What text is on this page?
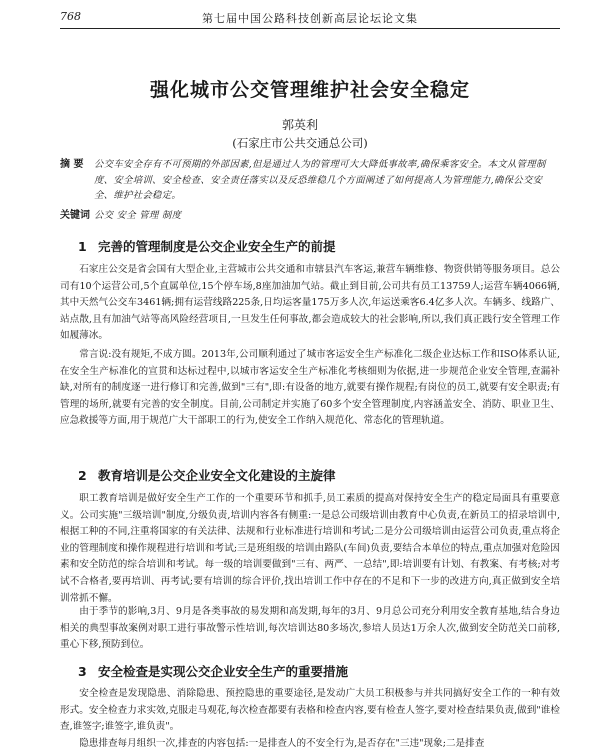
768	第七届中国公路科技创新高层论坛论文集
强化城市公交管理维护社会安全稳定
郭英利
(石家庄市公共交通总公司)
摘 要 公交车安全存有不可预期的外部因素,但是通过人为的管理可大大降低事故率,确保乘客安全。本文从管理制度、安全培训、安全检查、安全责任落实以及反恐维稳几个方面阐述了如何提高人为管理能力,确保公交安全、维护社会稳定。
关键词 公交 安全 管理 制度
1 完善的管理制度是公交企业安全生产的前提
石家庄公交是省会国有大型企业,主营城市公共交通和市辖县汽车客运,兼营车辆维修、物资供销等服务项目。总公司有10个运营公司,5个直属单位,15个停车场,8座加油加气站。截止到目前,公司共有员工13759人;运营车辆4066辆,其中天然气公交车3461辆;拥有运营线路225条,日均运客量175万多人次,年运送乘客6.4亿多人次。车辆多、线路广、站点散,且有加油气站等高风险经营项目,一旦发生任何事故,都会造成较大的社会影响,所以,我们真正践行安全管理工作如履薄冰。
常言说:没有规矩,不成方圆。2013年,公司顺利通过了城市客运安全生产标准化二级企业达标工作和ISO体系认证,在安全生产标准化的宣贯和达标过程中,以城市客运安全生产标准化考核细则为依据,进一步规范企业安全管理,查漏补缺,对所有的制度逐一进行修订和完善,做到"三有",即:有设备的地方,就要有操作规程;有岗位的员工,就要有安全职责;有管理的场所,就要有完善的安全制度。目前,公司制定并实施了60多个安全管理制度,内容涵盖安全、消防、职业卫生、应急救援等方面,用于规范广大干部职工的行为,使安全工作纳入规范化、常态化的管理轨道。
2 教育培训是公交企业安全文化建设的主旋律
职工教育培训是做好安全生产工作的一个重要环节和抓手,员工素质的提高对保持安全生产的稳定局面具有重要意义。公司实施"三级培训"制度,分级负责,培训内容各有侧重:一是总公司级培训由教育中心负责,在新员工的招录培训中,根据工种的不同,注重将国家的有关法律、法规和行业标准进行培训和考试;二是分公司级培训由运营公司负责,重点将企业的管理制度和操作规程进行培训和考试;三是班组级的培训由路队(车间)负责,要结合本单位的特点,重点加强对危险因素和安全防范的综合培训和考试。每一级的培训要做到"三有、两严、一总结",即:培训要有计划、有教案、有考核;对考试不合格者,要再培训、再考试;要有培训的综合评价,找出培训工作中存在的不足和下一步的改进方向,真正做到安全培训常抓不懈。
由于季节的影响,3月、9月是各类事故的易发期和高发期,每年的3月、9月总公司充分利用安全教育基地,结合身边相关的典型事故案例对职工进行事故警示性培训,每次培训达80多场次,参培人员达1万余人次,做到安全防范关口前移,重心下移,预防到位。
3 安全检查是实现公交企业安全生产的重要措施
安全检查是发现隐患、消除隐患、预控隐患的重要途径,是发动广大员工积极参与并共同搞好安全工作的一种有效形式。安全检查力求实效,克服走马观花,每次检查都要有表格和检查内容,要有检查人签字,要对检查结果负责,做到"谁检查,谁签字;谁签字,谁负责"。
隐患排查每月组织一次,排查的内容包括:一是排查人的不安全行为,是否存在"三违"现象;二是排查
